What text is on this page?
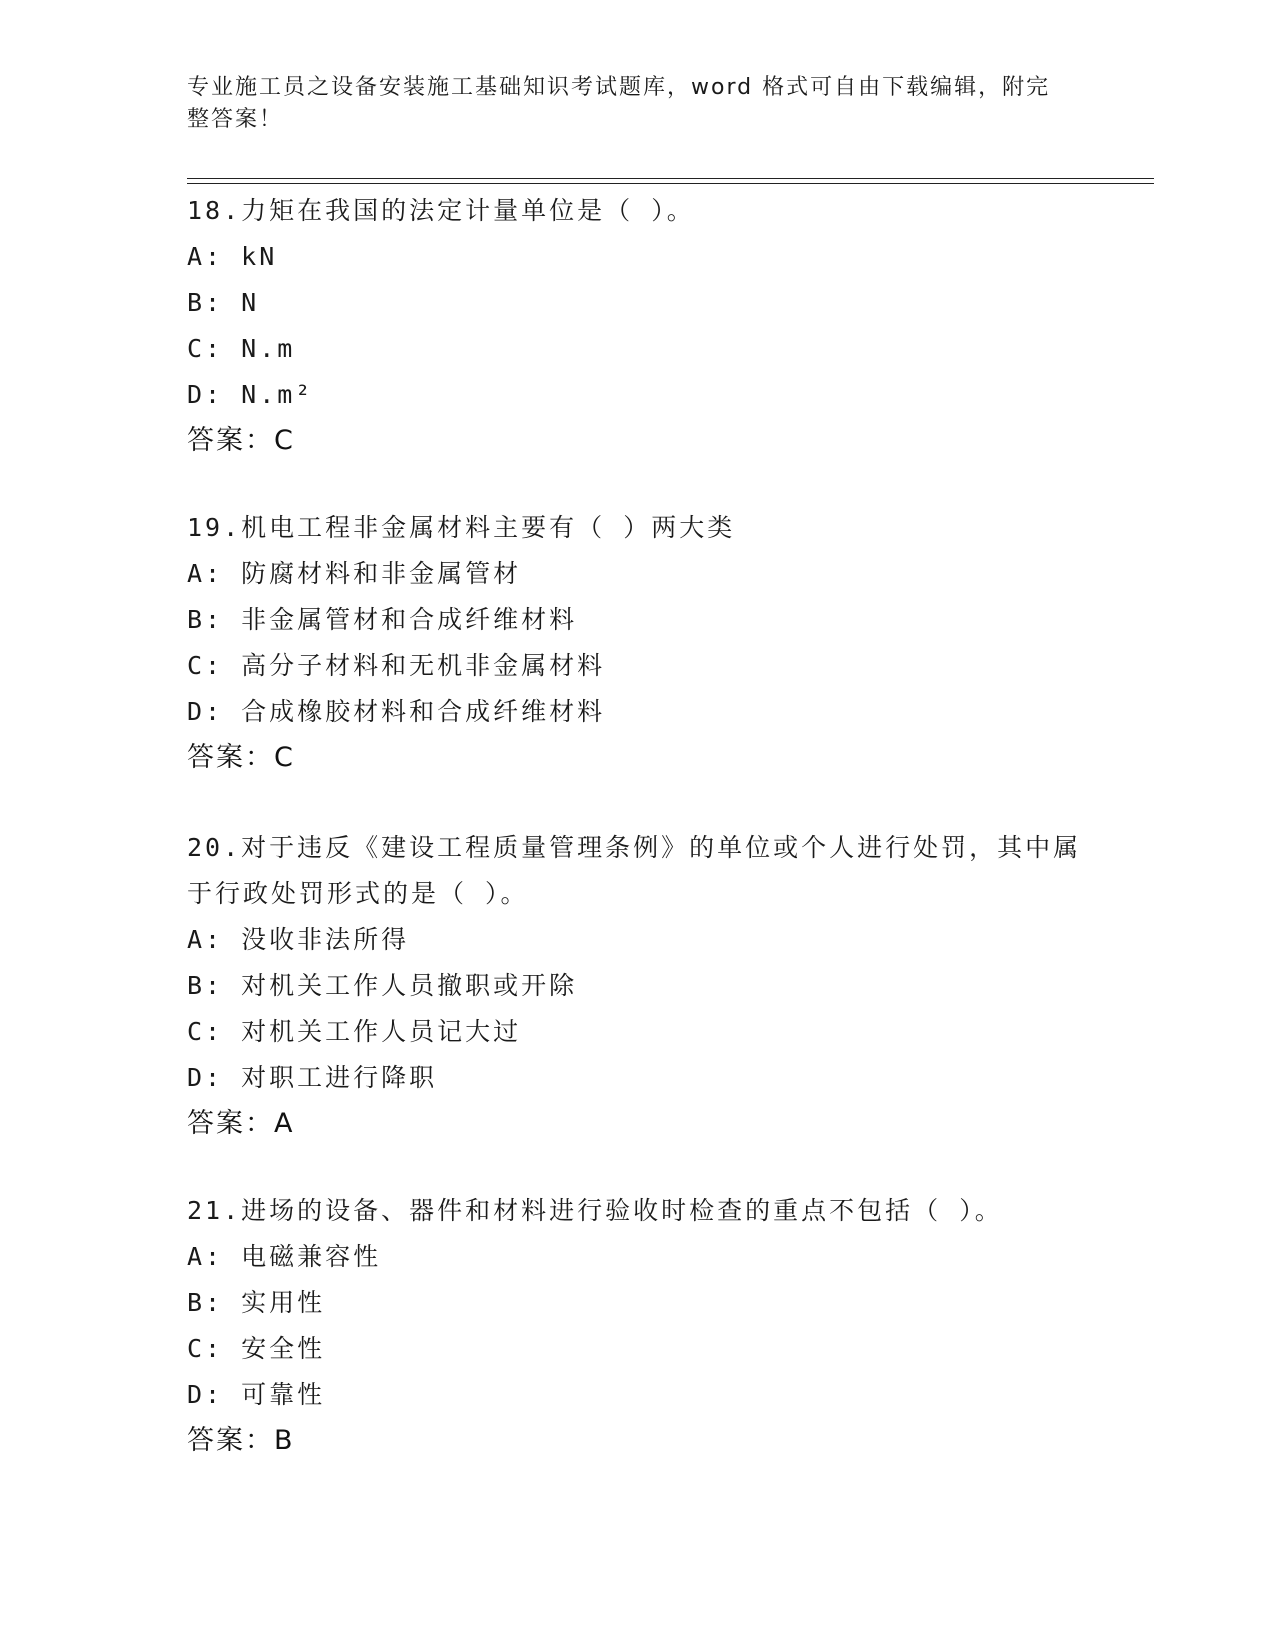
专业施工员之设备安装施工基础知识考试题库，word 格式可自由下载编辑，附完
整答案！

18.力矩在我国的法定计量单位是（ ）。

A: kN

B: N

C: N.m

D: N.m²

答案：C

19.机电工程非金属材料主要有（ ）两大类

A: 防腐材料和非金属管材

B: 非金属管材和合成纤维材料

C: 高分子材料和无机非金属材料

D: 合成橡胶材料和合成纤维材料

答案：C

20.对于违反《建设工程质量管理条例》的单位或个人进行处罚，其中属于行政处罚形式的是（ ）。

A: 没收非法所得

B: 对机关工作人员撤职或开除

C: 对机关工作人员记大过

D: 对职工进行降职

答案：A

21.进场的设备、器件和材料进行验收时检查的重点不包括（ ）。

A: 电磁兼容性

B: 实用性

C: 安全性

D: 可靠性

答案：B
